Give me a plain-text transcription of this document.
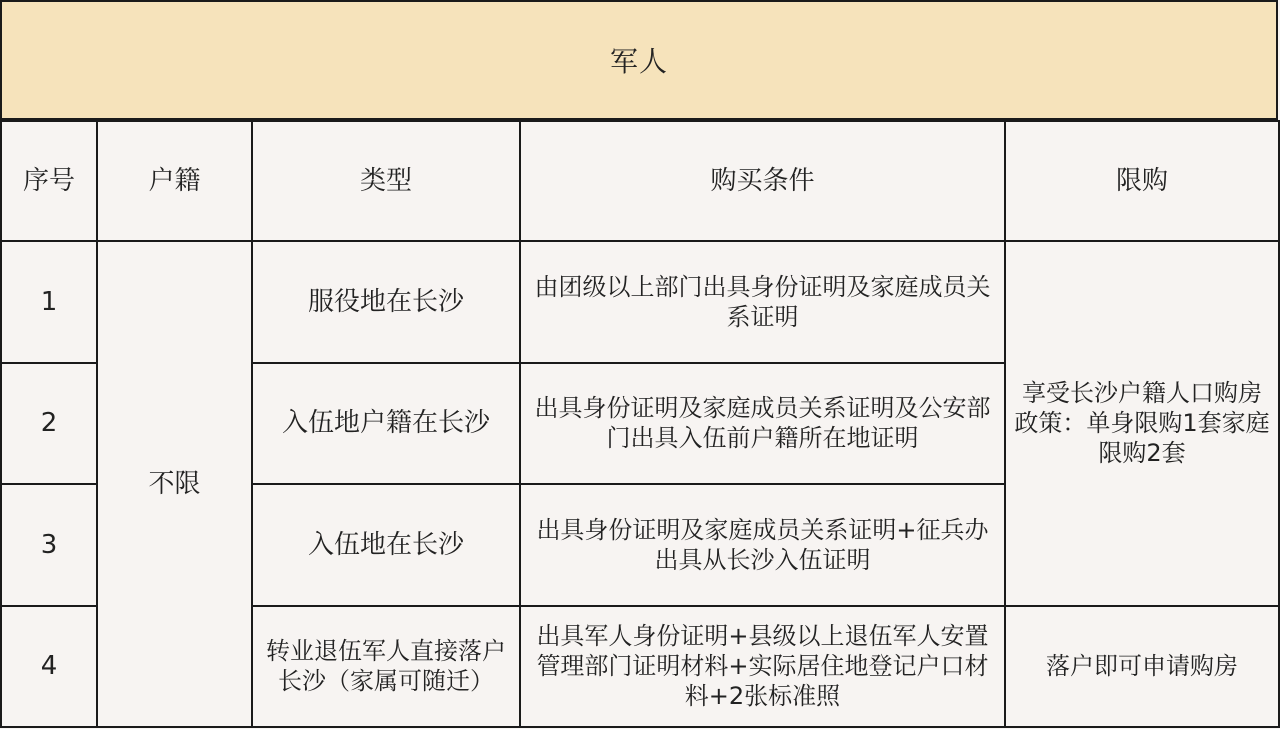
军人
序号	户籍	类型	购买条件	限购
1	不限	服役地在长沙	由团级以上部门出具身份证明及家庭成员关系证明	享受长沙户籍人口购房政策：单身限购1套家庭限购2套
2		入伍地户籍在长沙	出具身份证明及家庭成员关系证明及公安部门出具入伍前户籍所在地证明	
3		入伍地在长沙	出具身份证明及家庭成员关系证明+征兵办出具从长沙入伍证明	
4		转业退伍军人直接落户长沙（家属可随迁）	出具军人身份证明+县级以上退伍军人安置管理部门证明材料+实际居住地登记户口材料+2张标准照	落户即可申请购房
